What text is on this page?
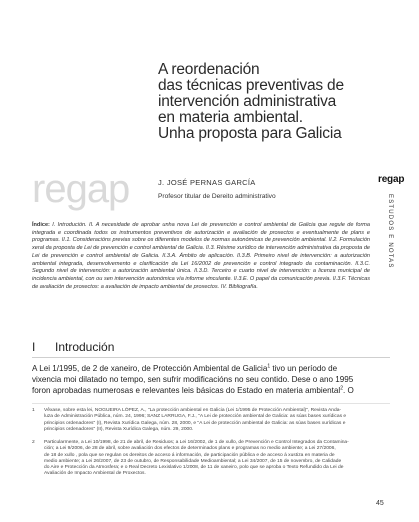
A reordenación
das técnicas preventivas de
intervención administrativa
en materia ambiental.
Unha proposta para Galicia
regap	J. JOSÉ PERNAS GARCÍA
Profesor titular de Dereito administrativo
regap
ESTUDOS E NOTAS
Índice: I. Introdución. II. A necesidade de aprobar unha nova Lei de prevención e control ambiental de Galicia que regule de forma integrada e coordinada todos os instrumentos preventivos de autorización e avaliación de proxectos e eventualmente de plans e programas. II.1. Consideracións previas sobre os diferentes modelos de normas autonómicas de prevención ambiental. II.2. Formulación xeral da proposta de Lei de prevención e control ambiental de Galicia. II.3. Réxime xurídico de intervención administrativa da proposta de Lei de prevención e control ambiental de Galicia. II.3.A. Ámbito de aplicación. II.3.B. Primeiro nivel de intervención: a autorización ambiental integrada, desenvolvemento e clarificación da Lei 16/2002 de prevención e control integrado da contaminación. II.3.C. Segundo nivel de intervención: a autorización ambiental única. II.3.D. Terceiro e cuarto nivel de intervención: a licenza municipal de incidencia ambiental, con ou sen intervención autonómica vía informe vinculante. II.3.E. O papel da comunicación previa. II.3.F. Técnicas de avaliación de proxectos: a avaliación de impacto ambiental de proxectos. IV. Bibliografía.
I Introdución
A Lei 1/1995, de 2 de xaneiro, de Protección Ambiental de Galicia$^1$ tivo un período de
vixencia moi dilatado no tempo, sen sufrir modificacións no seu contido. Dese o ano 1995
foron aprobadas numerosas e relevantes leis básicas do Estado en materia ambiental$^2$. O
1 Vêxase, sobre esta lei, NOGUEIRA LÓPEZ, A., "La protección ambiental en Galicia (Lei 1/1995 de Protección Ambiental)", Revista Anda-
luza de Administración Pública, núm. 24, 1996; SANZ LARRUGA, F.J., "A Lei de protección ambiental de Galicia: as súas bases xurídicas e
principios ordenadores" (I), Revista Xurídica Galega, núm. 28, 2000, e "A Lei de protección ambiental de Galicia: as súas bases xurídicas e
principios ordenadores" (II), Revista Xurídica Galega, núm. 29, 2000.
2 Particularmente, a Lei 10/1998, de 21 de abril, de Residuos; a Lei 16/2002, de 1 de xullo, de Prevención e Control Integrados da Contamina-
ción; a Lei 9/2006, de 28 de abril, sobre avaliación dos efectos de determinados plans e programas no medio ambiente; a Lei 27/2006,
de 18 de xullo , pola que se regulan os dereitos de acceso á información, de participación pública e de acceso á xustiza en materia de
medio ambiente; a Lei 26/2007, de 23 de outubro, de Responsabilidade Medioambiental; a Lei 34/2007, de 15 de novembro, de Calidade
do Aire e Protección da Atmosfera; e o Real Decreto Lexislativo 1/2008, de 11 de xaneiro, polo que se aproba o Texto Refundido da Lei de
Avaliación de Impacto Ambiental de Proxectos.
45
